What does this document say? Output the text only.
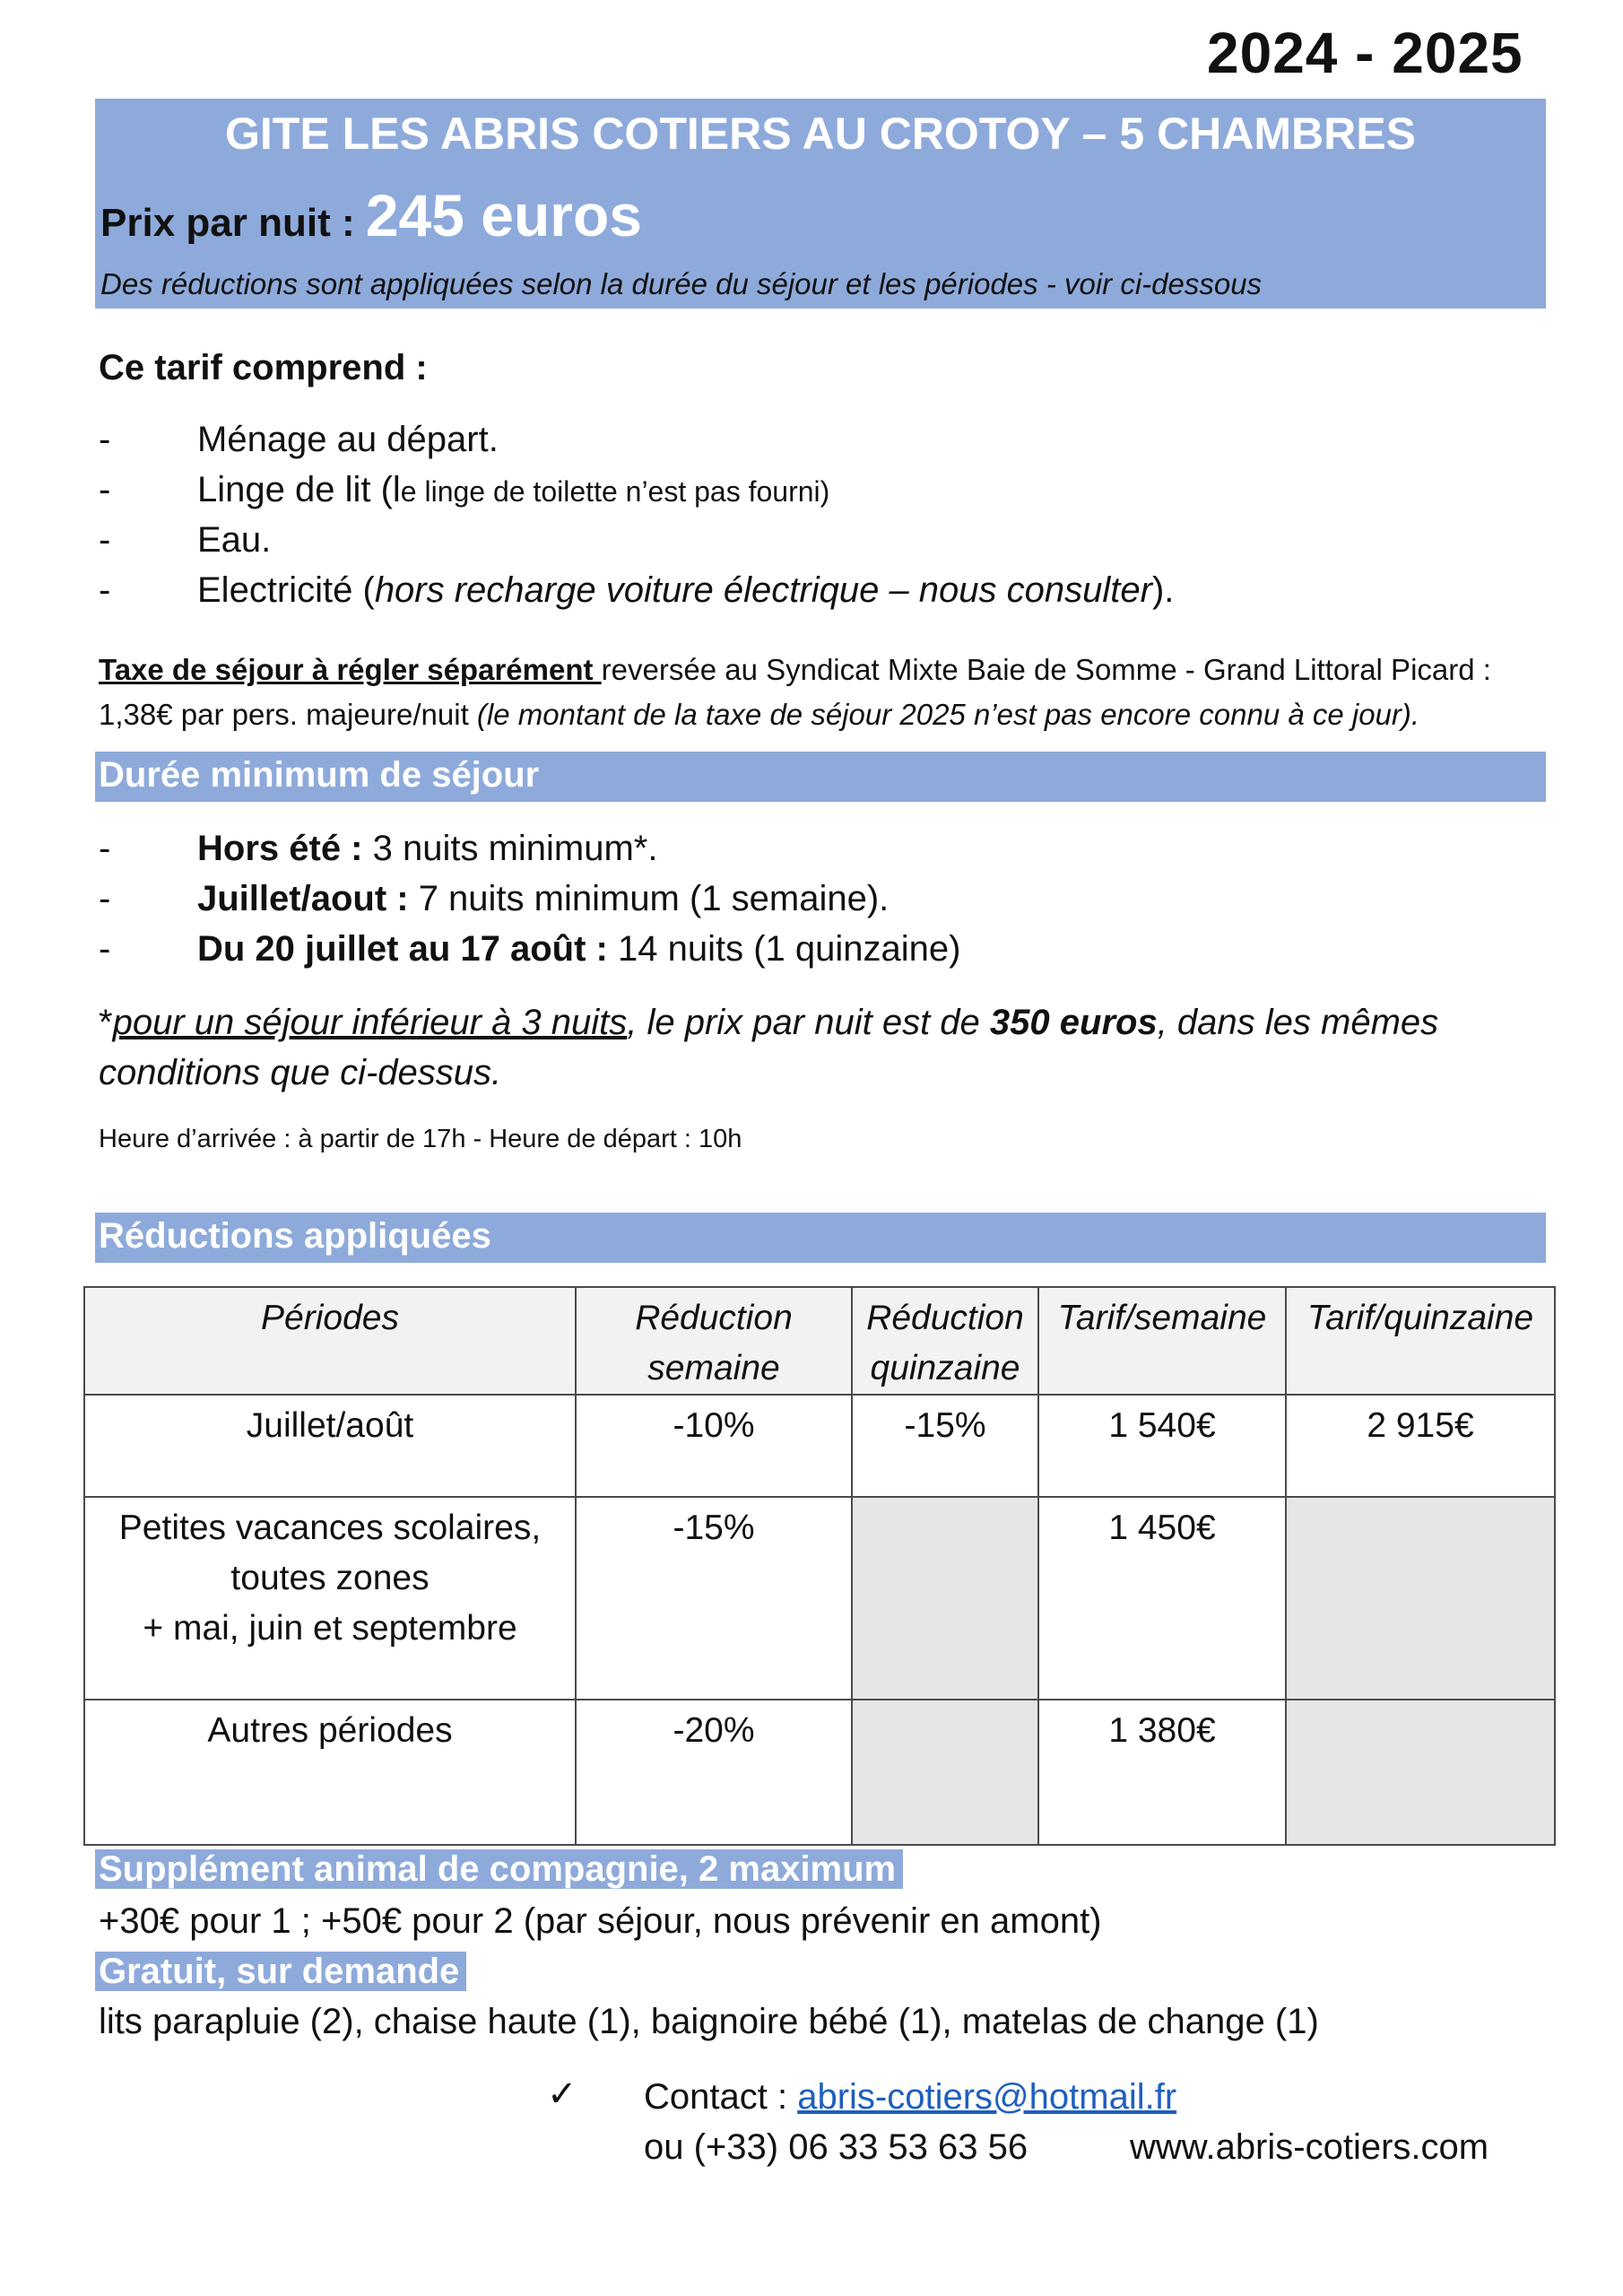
2024 - 2025
GITE LES ABRIS COTIERS AU CROTOY – 5 CHAMBRES
Prix par nuit : 245 euros
Des réductions sont appliquées selon la durée du séjour et les périodes - voir ci-dessous
Ce tarif comprend :
- Ménage au départ.
- Linge de lit (le linge de toilette n’est pas fourni)
- Eau.
- Electricité (hors recharge voiture électrique – nous consulter).
Taxe de séjour à régler séparément reversée au Syndicat Mixte Baie de Somme - Grand Littoral Picard : 1,38€ par pers. majeure/nuit (le montant de la taxe de séjour 2025 n’est pas encore connu à ce jour).
Durée minimum de séjour
- Hors été : 3 nuits minimum*.
- Juillet/aout : 7 nuits minimum (1 semaine).
- Du 20 juillet au 17 août : 14 nuits (1 quinzaine)
*pour un séjour inférieur à 3 nuits, le prix par nuit est de 350 euros, dans les mêmes conditions que ci-dessus.
Heure d’arrivée : à partir de 17h - Heure de départ : 10h
Réductions appliquées
Périodes	Réduction semaine	Réduction quinzaine	Tarif/semaine	Tarif/quinzaine
Juillet/août	-10%	-15%	1 540€	2 915€

Petites vacances scolaires,
toutes zones
+ mai, juin et septembre	-15%		1 450€	
Autres périodes	-20%		1 380€	
Supplément animal de compagnie, 2 maximum
+30€ pour 1 ; +50€ pour 2 (par séjour, nous prévenir en amont)
Gratuit, sur demande
lits parapluie (2), chaise haute (1), baignoire bébé (1), matelas de change (1)
✓ Contact : abris-cotiers@hotmail.fr
ou (+33) 06 33 53 63 56	www.abris-cotiers.com
